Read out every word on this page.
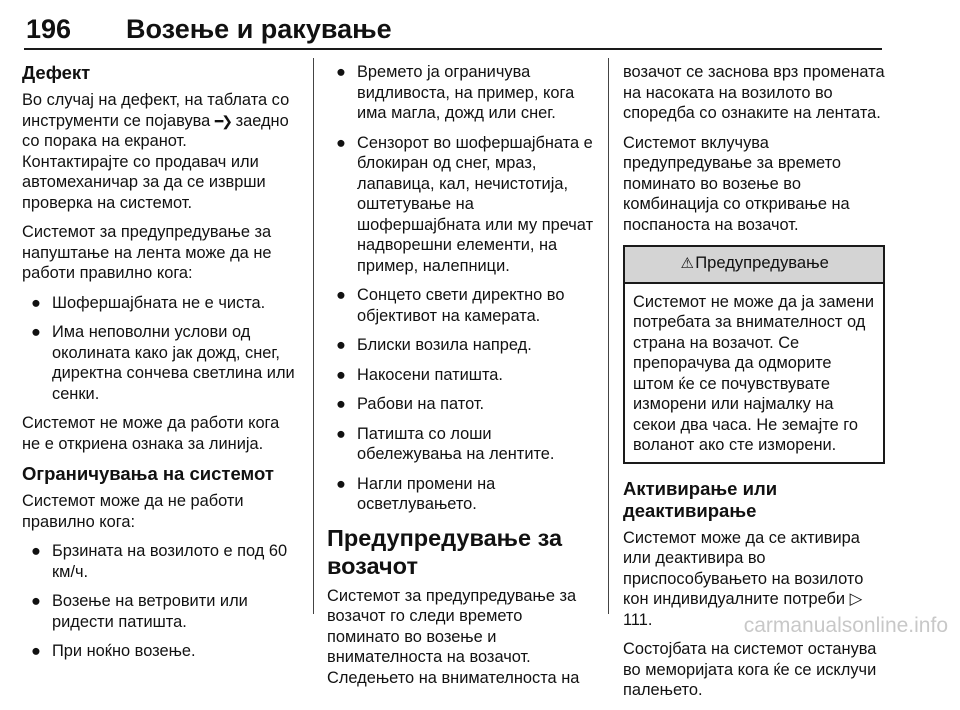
196 Возење и ракување
Дефект

Во случај на дефект, на таблата со инструменти се појавува ━❯ заедно со порака на екранот.
Контактирајте со продавач или автомеханичар за да се изврши проверка на системот.

Системот за предупредување за напуштање на лента може да не работи правилно кога:

● Шофершајбната не е чиста.
● Има неповолни услови од околината како јак дожд, снег, директна сончева светлина или сенки.

Системот не може да работи кога не е откриена ознака за линија.

Ограничувања на системот

Системот може да не работи правилно кога:

● Брзината на возилото е под 60 км/ч.
● Возење на ветровити или ридести патишта.
● При ноќно возење.
● Времето ја ограничува видливоста, на пример, кога има магла, дожд или снег.
● Сензорот во шофершајбната е блокиран од снег, мраз, лапавица, кал, нечистотија, оштетување на шофершајбната или му пречат надворешни елементи, на пример, налепници.
● Сонцето свети директно во објективот на камерата.
● Блиски возила напред.
● Накосени патишта.
● Рабови на патот.
● Патишта со лоши обележувања на лентите.
● Нагли промени на осветлувањето.
Предупредување за возачот

Системот за предупредување за возачот го следи времето поминато во возење и внимателноста на возачот. Следењето на внимателноста на

возачот се заснова врз промената на насоката на возилото во споредба со ознаките на лентата.

Системот вклучува предупредување за времето поминато во возење во комбинација со откривање на поспаноста на возачот.

⚠Предупредување
Системот не може да ја замени потребата за внимателност од страна на возачот. Се препорачува да одморите штом ќе се почувствувате изморени или најмалку на секои два часа. Не земајте го воланот ако сте изморени.
Активирање или деактивирање

Системот може да се активира или деактивира во приспособувањето на возилото кон индивидуалните потреби ▷ 111.

Состојбата на системот останува во меморијата кога ќе се исклучи палењето.

carmanualsonline.info
